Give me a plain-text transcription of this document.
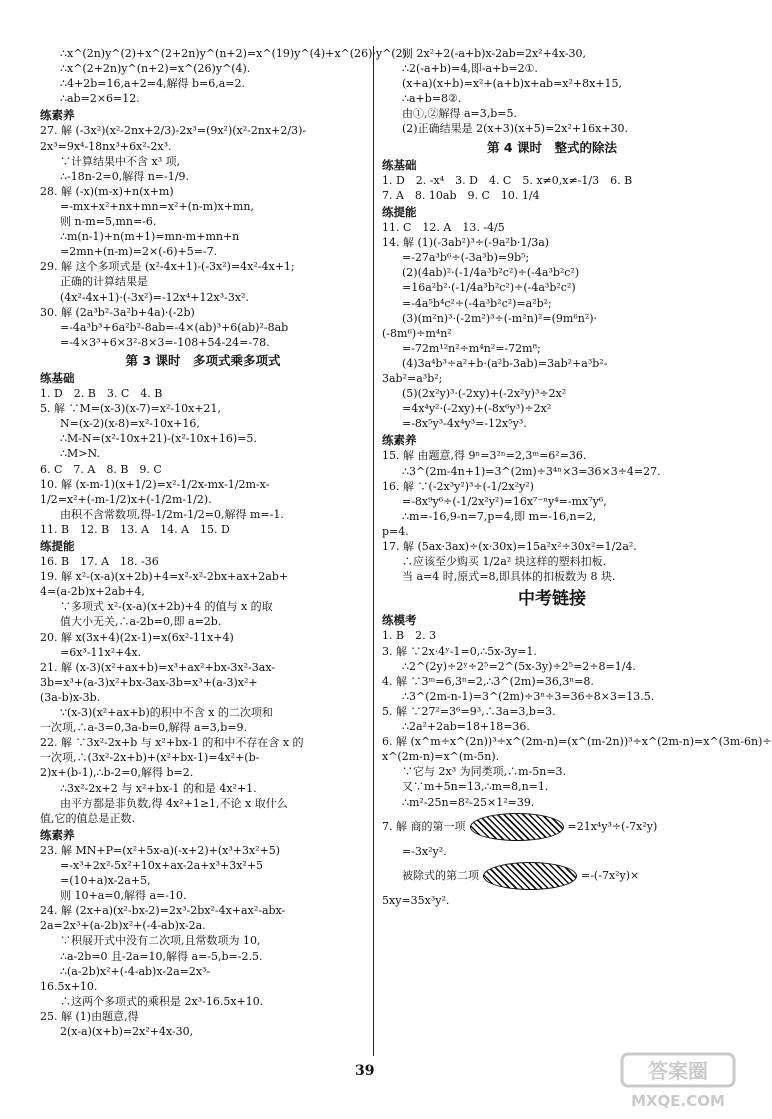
∴x^(2n)y^(2)+x^(2+2n)y^(n+2)=x^(19)y^(4)+x^(26)·y^(2).
∴x^(2+2n)y^(n+2)=x^(26)y^(4).
∴4+2b=16,a+2=4,解得 b=6,a=2.
∴ab=2×6=12.
练素养
27. 解 (-3x²)(x²-2nx+2/3)-2x³=(9x²)(x²-2nx+2/3)-
2x³=9x⁴-18nx³+6x²-2x³.
∵计算结果中不含 x³ 项,
∴-18n-2=0,解得 n=-1/9.
28. 解 (-x)(m-x)+n(x+m)
=-mx+x²+nx+mn=x²+(n-m)x+mn,
则 n-m=5,mn=-6.
∴m(n-1)+n(m+1)=mn-m+mn+n
=2mn+(n-m)=2×(-6)+5=-7.
29. 解 这个多项式是 (x²-4x+1)-(-3x²)=4x²-4x+1;
正确的计算结果是
(4x²-4x+1)·(-3x²)=-12x⁴+12x³-3x².
30. 解 (2a³b²-3a²b+4a)·(-2b)
=-4a³b³+6a²b²-8ab=-4×(ab)³+6(ab)²-8ab
=-4×3³+6×3²-8×3=-108+54-24=-78.
第 3 课时　多项式乘多项式
练基础
1. D　2. B　3. C　4. B
5. 解 ∵M=(x-3)(x-7)=x²-10x+21,
N=(x-2)(x-8)=x²-10x+16,
∴M-N=(x²-10x+21)-(x²-10x+16)=5.
∴M>N.
6. C　7. A　8. B　9. C
10. 解 (x-m-1)(x+1/2)=x²-1/2x-mx-1/2m-x-
1/2=x²+(-m-1/2)x+(-1/2m-1/2).
由积不含常数项,得-1/2m-1/2=0,解得 m=-1.
11. B　12. B　13. A　14. A　15. D
练提能
16. B　17. A　18. -36
19. 解 x²-(x-a)(x+2b)+4=x²-x²-2bx+ax+2ab+
4=(a-2b)x+2ab+4,
∵多项式 x²-(x-a)(x+2b)+4 的值与 x 的取
值大小无关,∴a-2b=0,即 a=2b.
20. 解 x(3x+4)(2x-1)=x(6x²-11x+4)
=6x³-11x²+4x.
21. 解 (x-3)(x²+ax+b)=x³+ax²+bx-3x²-3ax-
3b=x³+(a-3)x²+bx-3ax-3b=x³+(a-3)x²+
(3a-b)x-3b.
∵(x-3)(x²+ax+b)的积中不含 x 的二次项和
一次项,∴a-3=0,3a-b=0,解得 a=3,b=9.
22. 解 ∵3x²-2x+b 与 x²+bx-1 的和中不存在含 x 的
一次项,∴(3x²-2x+b)+(x²+bx-1)=4x²+(b-
2)x+(b-1),∴b-2=0,解得 b=2.
∴3x²-2x+2 与 x²+bx-1 的和是 4x²+1.
由平方都是非负数,得 4x²+1≥1,不论 x 取什么
值,它的值总是正数.
练素养
23. 解 MN+P=(x²+5x-a)(-x+2)+(x³+3x²+5)
=-x³+2x²-5x²+10x+ax-2a+x³+3x²+5
=(10+a)x-2a+5,
则 10+a=0,解得 a=-10.
24. 解 (2x+a)(x²-bx-2)=2x³-2bx²-4x+ax²-abx-
2a=2x³+(a-2b)x²+(-4-ab)x-2a.
∵积展开式中没有二次项,且常数项为 10,
∴a-2b=0 且-2a=10,解得 a=-5,b=-2.5.
∴(a-2b)x²+(-4-ab)x-2a=2x³-
16.5x+10.
∴这两个多项式的乘积是 2x³-16.5x+10.
25. 解 (1)由题意,得
2(x-a)(x+b)=2x²+4x-30,
则 2x²+2(-a+b)x-2ab=2x²+4x-30,
∴2(-a+b)=4,即-a+b=2①.
(x+a)(x+b)=x²+(a+b)x+ab=x²+8x+15,
∴a+b=8②.
由①,②解得 a=3,b=5.
(2)正确结果是 2(x+3)(x+5)=2x²+16x+30.
第 4 课时　整式的除法
练基础
1. D　2. -x⁴　3. D　4. C　5. x≠0,x≠-1/3　6. B
7. A　8. 10ab　9. C　10. 1/4
练提能
11. C　12. A　13. -4/5
14. 解 (1)(-3ab²)³÷(-9a²b·1/3a)
=-27a³b⁶÷(-3a³b)=9b⁵;
(2)(4ab)²·(-1/4a³b²c²)÷(-4a³b²c²)
=16a²b²·(-1/4a³b²c²)÷(-4a³b²c²)
=-4a⁵b⁴c²÷(-4a³b²c²)=a²b²;
(3)(m²n)³·(-2m²)³÷(-m²n)²=(9m⁶n²)·
(-8m⁶)÷m⁴n²
=-72m¹²n²÷m⁴n²=-72m⁸;
(4)3a⁴b³÷a²+b·(a²b-3ab)=3ab²+a³b²-
3ab²=a³b²;
(5)(2x²y)³·(-2xy)+(-2x²y)³÷2x²
=4x⁴y²·(-2xy)+(-8x⁶y³)÷2x²
=-8x⁵y³-4x⁴y³=-12x⁵y³.
练素养
15. 解 由题意,得 9ⁿ=3²ⁿ=2,3ᵐ=6²=36.
∴3^(2m-4n+1)=3^(2m)÷3⁴ⁿ×3=36×3÷4=27.
16. 解 ∵(-2x³y²)³÷(-1/2x²y²)
=-8x⁹y⁶÷(-1/2x²y²)=16x⁷⁻ⁿy⁴=-mx⁷y⁶,
∴m=-16,9-n=7,p=4,即 m=-16,n=2,
p=4.
17. 解 (5ax·3ax)÷(x·30x)=15a²x²÷30x²=1/2a².
∴应该至少购买 1/2a² 块这样的塑料扣板.
当 a=4 时,原式=8,即具体的扣板数为 8 块.
中考链接
练模考
1. B　2. 3
3. 解 ∵2x·4ʸ-1=0,∴5x-3y=1.
∴2^(2y)÷2ʸ÷2⁵=2^(5x-3y)÷2⁵=2÷8=1/4.
4. 解 ∵3ᵐ=6,3ⁿ=2,∴3^(2m)=36,3ⁿ=8.
∴3^(2m-n-1)=3^(2m)÷3ⁿ÷3=36÷8×3=13.5.
5. 解 ∵27²=3⁶=9³,∴3a=3,b=3.
∴2a²+2ab=18+18=36.
6. 解 (x^m÷x^(2n))³÷x^(2m-n)=(x^(m-2n))³÷x^(2m-n)=x^(3m-6n)÷
x^(2m-n)=x^(m-5n).
∵它与 2x³ 为同类项,∴m-5n=3.
又∵m+5n=13,∴m=8,n=1.
∴m²-25n=8²-25×1²=39.
7. 解 商的第一项	=21x⁴y³÷(-7x²y)
=-3x²y².
被除式的第二项	=-(-7x²y)×
5xy=35x³y².
39	答案圈
MXQE.COM
